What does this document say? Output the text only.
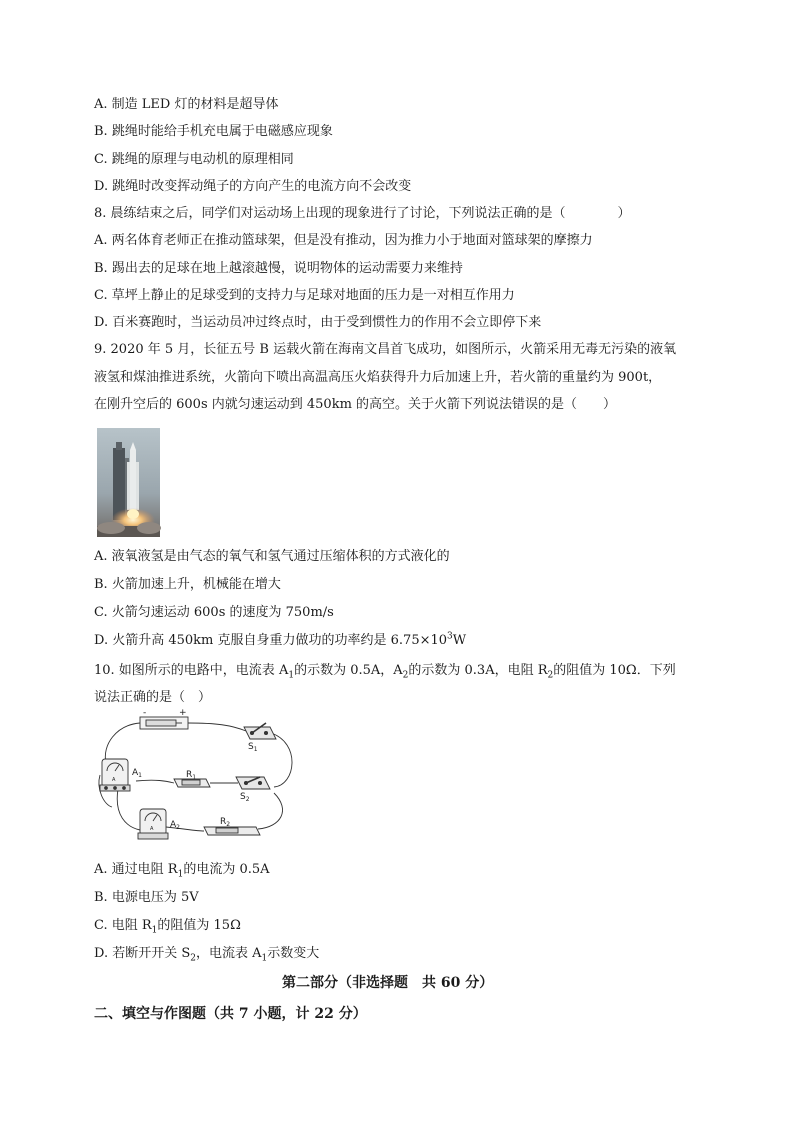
A. 制造 LED 灯的材料是超导体
B. 跳绳时能给手机充电属于电磁感应现象
C. 跳绳的原理与电动机的原理相同
D. 跳绳时改变挥动绳子的方向产生的电流方向不会改变
8. 晨练结束之后，同学们对运动场上出现的现象进行了讨论，下列说法正确的是（　　　　）
A. 两名体育老师正在推动篮球架，但是没有推动，因为推力小于地面对篮球架的摩擦力
B. 踢出去的足球在地上越滚越慢，说明物体的运动需要力来维持
C. 草坪上静止的足球受到的支持力与足球对地面的压力是一对相互作用力
D. 百米赛跑时，当运动员冲过终点时，由于受到惯性力的作用不会立即停下来
9. 2020 年 5 月，长征五号 B 运载火箭在海南文昌首飞成功，如图所示，火箭采用无毒无污染的液氧
液氢和煤油推进系统，火箭向下喷出高温高压火焰获得升力后加速上升，若火箭的重量约为 900t，
在刚升空后的 600s 内就匀速运动到 450km 的高空。关于火箭下列说法错误的是（　　）
A. 液氧液氢是由气态的氧气和氢气通过压缩体积的方式液化的
B. 火箭加速上升，机械能在增大
C. 火箭匀速运动 600s 的速度为 750m/s
D. 火箭升高 450km 克服自身重力做功的功率约是 $6.75\times 10^3W$
10. 如图所示的电路中，电流表 $A_1$的示数为 0.5A，$A_2$的示数为 0.3A，电阻 $R_2$的阻值为 10Ω．下列
说法正确的是（　）
-	+
$S_1$
$A_1$
A	$R_1$
$S_2$
$A_2$
A
$R_2$
A. 通过电阻 $R_1$的电流为 0.5A
B. 电源电压为 5V
C. 电阻 $R_1$的阻值为 15Ω
D. 若断开开关 $S_2$，电流表 $A_1$示数变大
第二部分（非选择题　共 60 分）
二、填空与作图题（共 7 小题，计 22 分）
